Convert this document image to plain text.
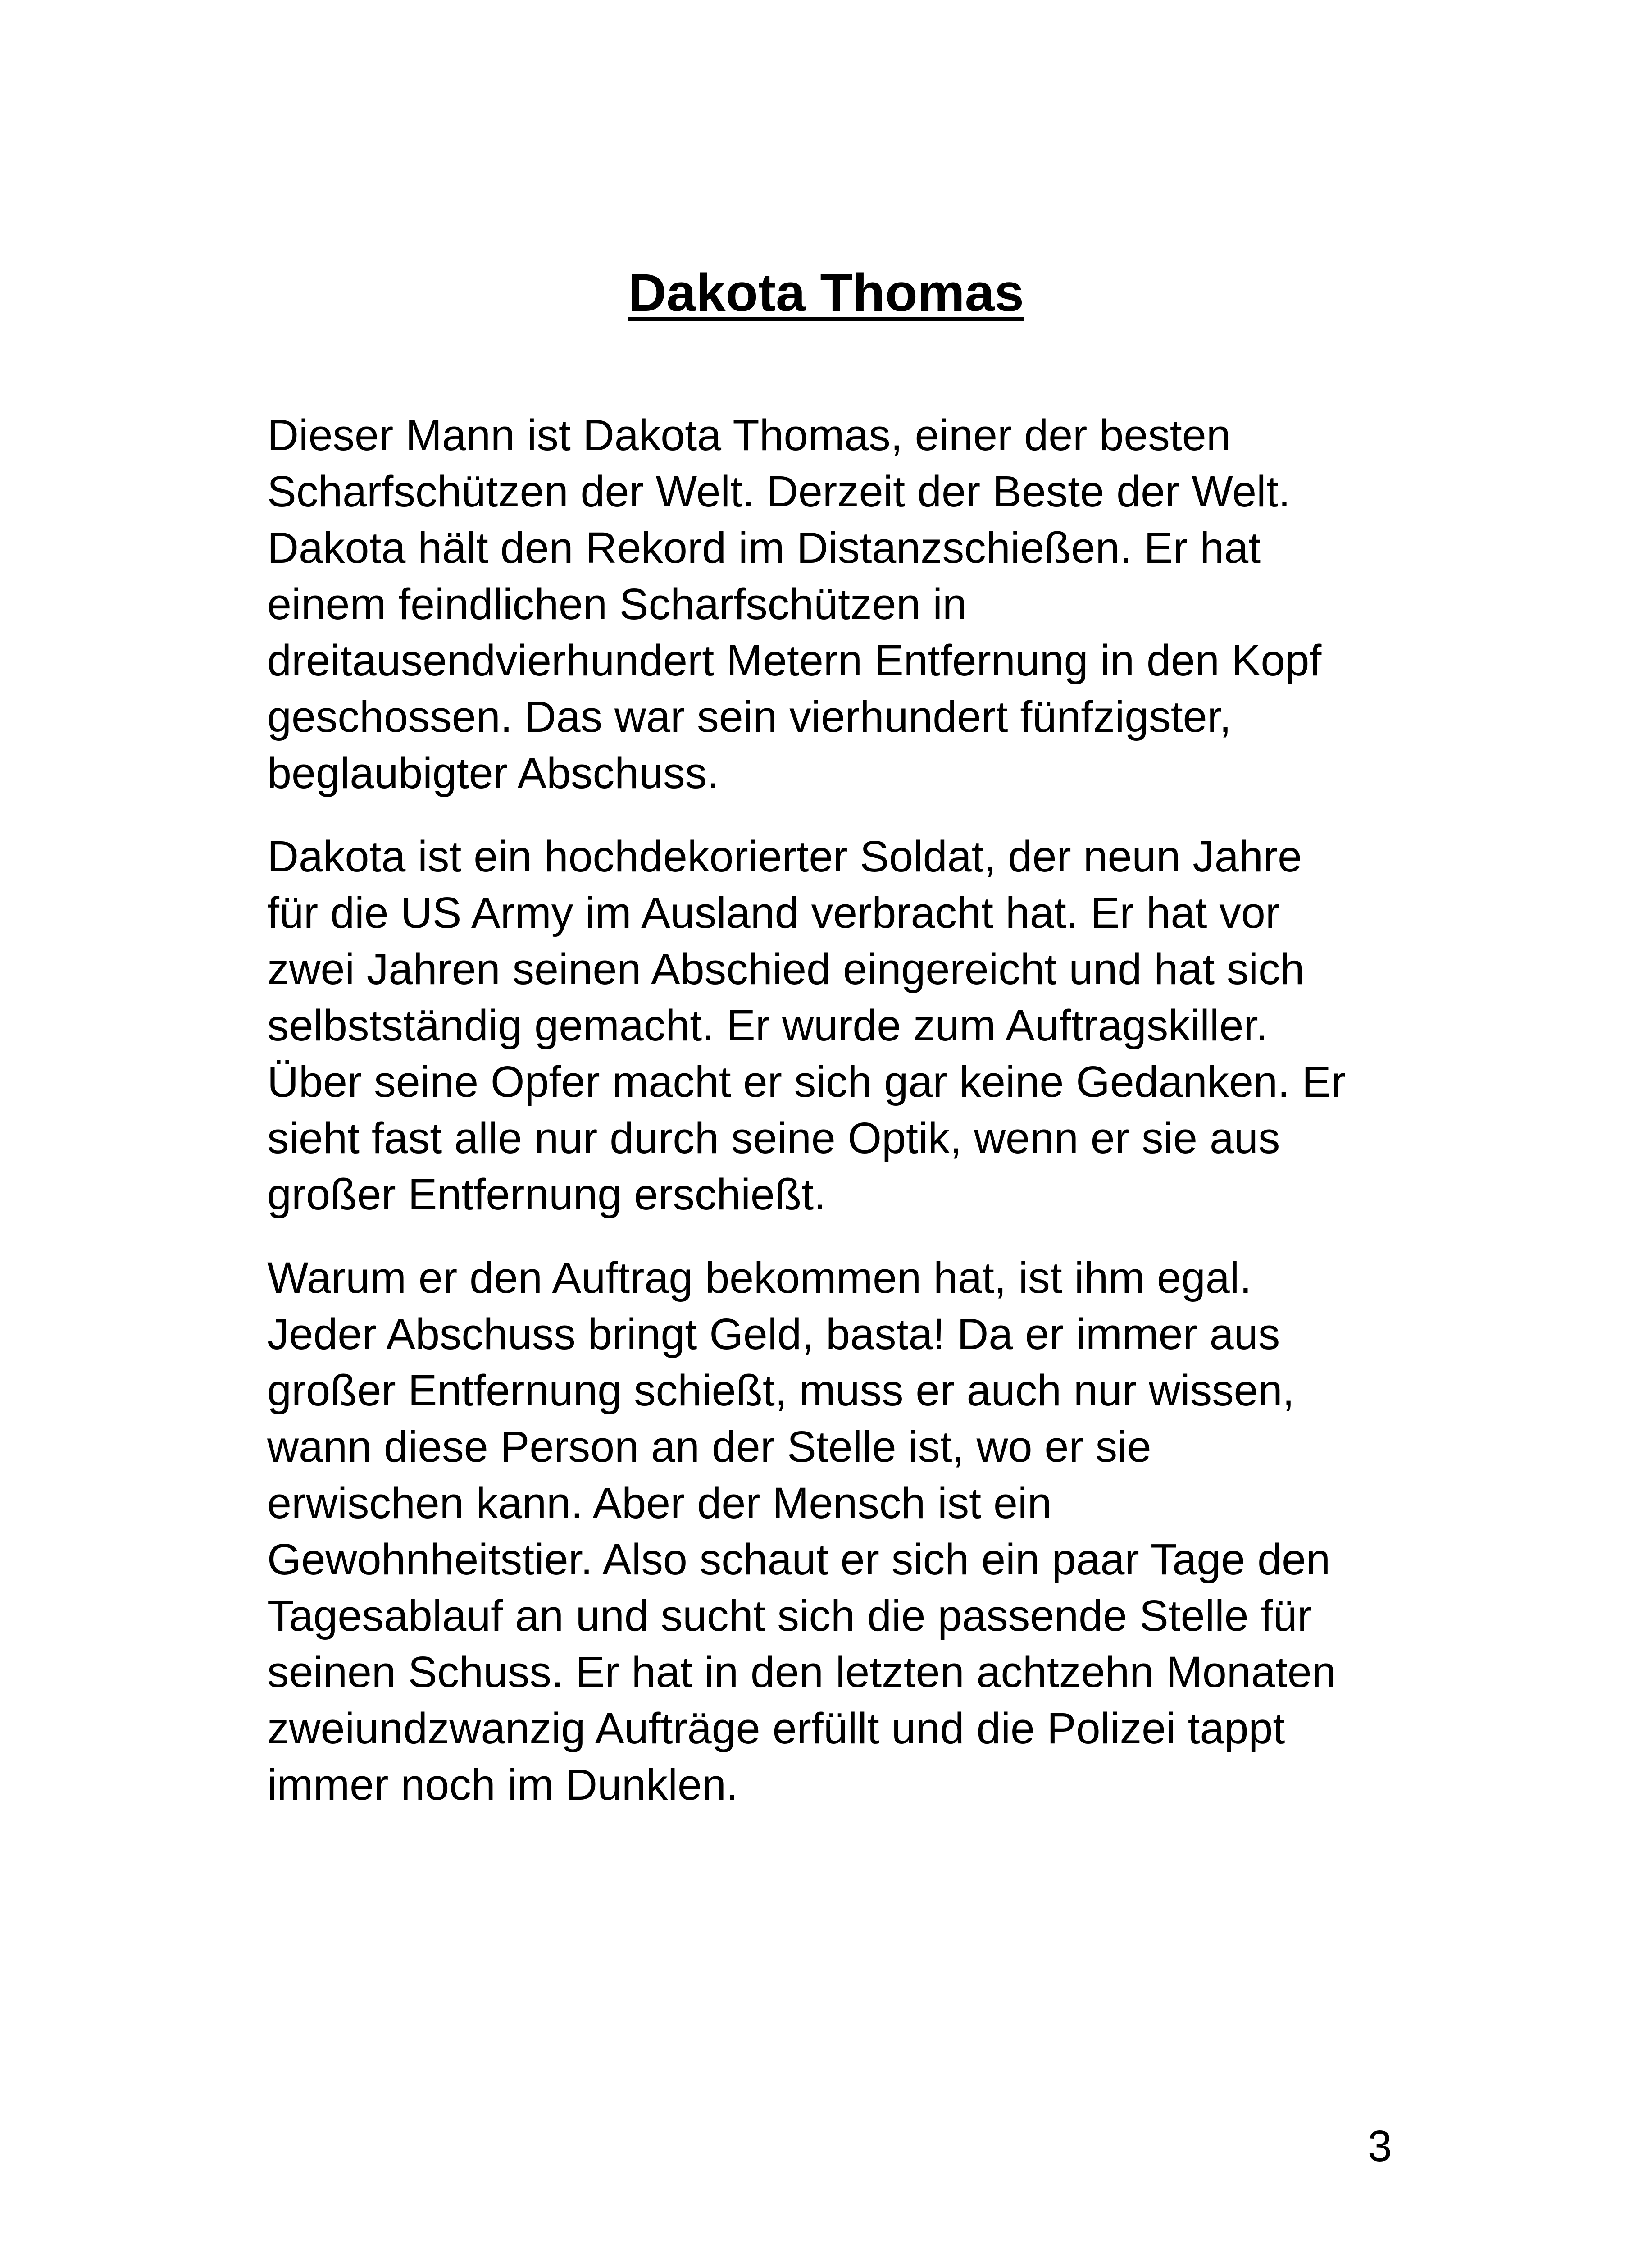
Dakota Thomas
Dieser Mann ist Dakota Thomas, einer der besten
Scharfschützen der Welt. Derzeit der Beste der Welt.
Dakota hält den Rekord im Distanzschießen. Er hat
einem feindlichen Scharfschützen in
dreitausendvierhundert Metern Entfernung in den Kopf
geschossen. Das war sein vierhundert fünfzigster,
beglaubigter Abschuss.
Dakota ist ein hochdekorierter Soldat, der neun Jahre
für die US Army im Ausland verbracht hat. Er hat vor
zwei Jahren seinen Abschied eingereicht und hat sich
selbstständig gemacht. Er wurde zum Auftragskiller.
Über seine Opfer macht er sich gar keine Gedanken. Er
sieht fast alle nur durch seine Optik, wenn er sie aus
großer Entfernung erschießt.
Warum er den Auftrag bekommen hat, ist ihm egal.
Jeder Abschuss bringt Geld, basta! Da er immer aus
großer Entfernung schießt, muss er auch nur wissen,
wann diese Person an der Stelle ist, wo er sie
erwischen kann. Aber der Mensch ist ein
Gewohnheitstier. Also schaut er sich ein paar Tage den
Tagesablauf an und sucht sich die passende Stelle für
seinen Schuss. Er hat in den letzten achtzehn Monaten
zweiundzwanzig Aufträge erfüllt und die Polizei tappt
immer noch im Dunklen.
3
